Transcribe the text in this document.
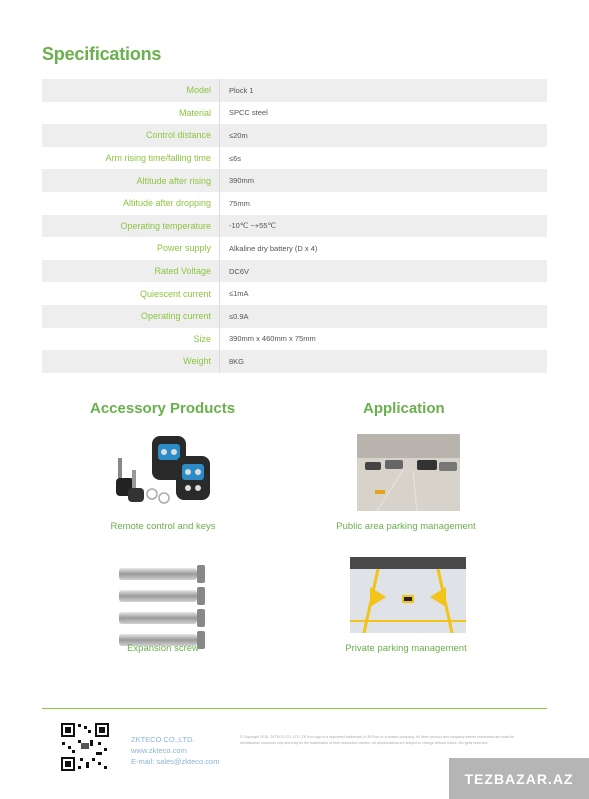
Specifications
Model	Plock 1
Material	SPCC steel
Control distance	≤20m
Arm rising time/falling time	≤6s
Altitude after rising	390mm
Altitude after dropping	75mm
Operating temperature	-10℃ ~+55℃
Power supply	Alkaline dry battery (D x 4)
Rated Voltage	DC6V
Quiescent current	≤1mA
Operating current	≤0.9A
Size	390mm x 460mm x 75mm
Weight	8KG
Accessory Products	Application
Remote control and keys
Expansion screw
Public area parking management
Private parking management
ZKTECO CO.,LTD.
www.zkteco.com
E-mail: sales@zkteco.com
© Copyright 2018. ZKTECO CO.,LTD. ZKTeco logo is a registered trademark of ZKTeco or a related company. All other product and company names mentioned are used for identification purposes only and may be the trademarks of their respective owners. All specifications are subject to change without notice. All rights reserved.
TEZBAZAR.AZ
